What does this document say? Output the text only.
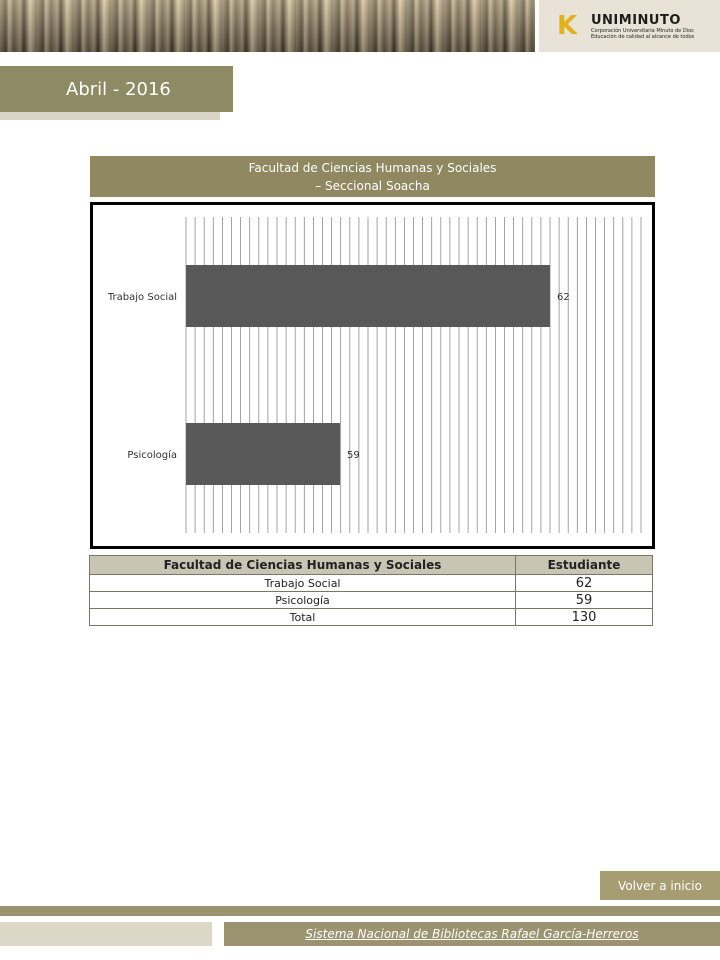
K UNIMINUTO
Corporación Universitaria Minuto de Dios
Educación de calidad al alcance de todos
Abril - 2016
Facultad de Ciencias Humanas y Sociales
– Seccional Soacha
Trabajo Social	62
Psicología	59
Facultad de Ciencias Humanas y Sociales	Estudiante
Trabajo Social	62
Psicología	59
Total	130
Volver a inicio
Sistema Nacional de Bibliotecas Rafael García-Herreros
